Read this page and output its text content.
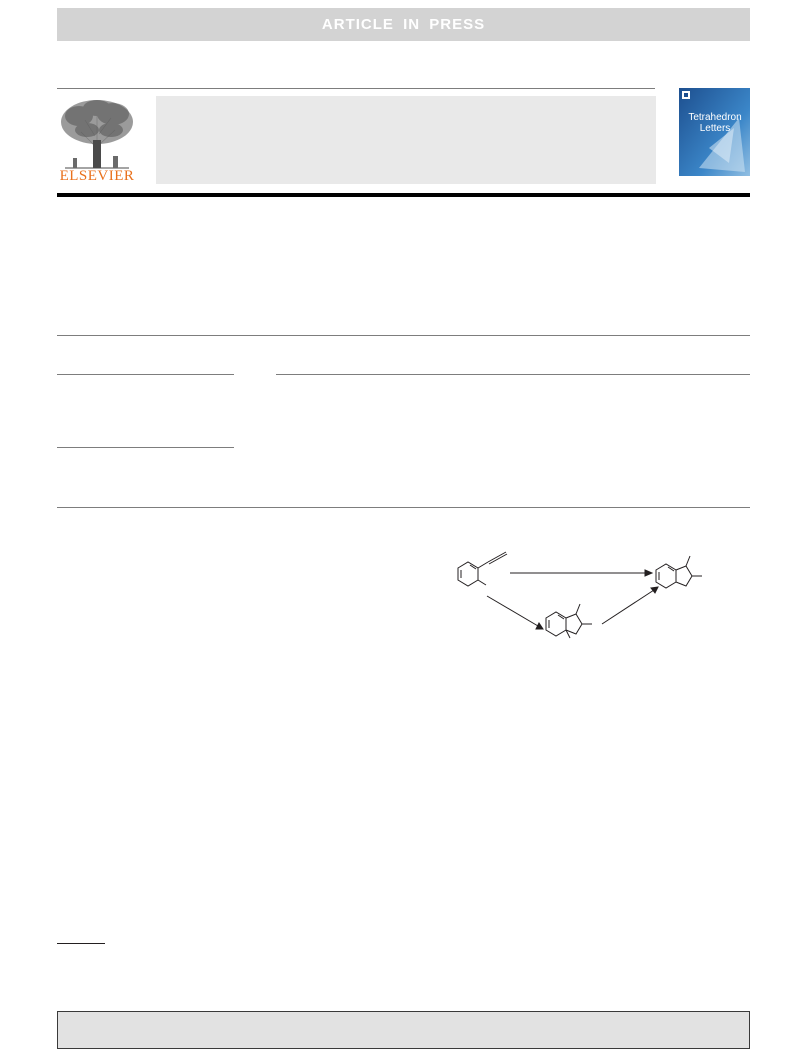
ARTICLE IN PRESS
ELSEVIER
Tetrahedron Letters
